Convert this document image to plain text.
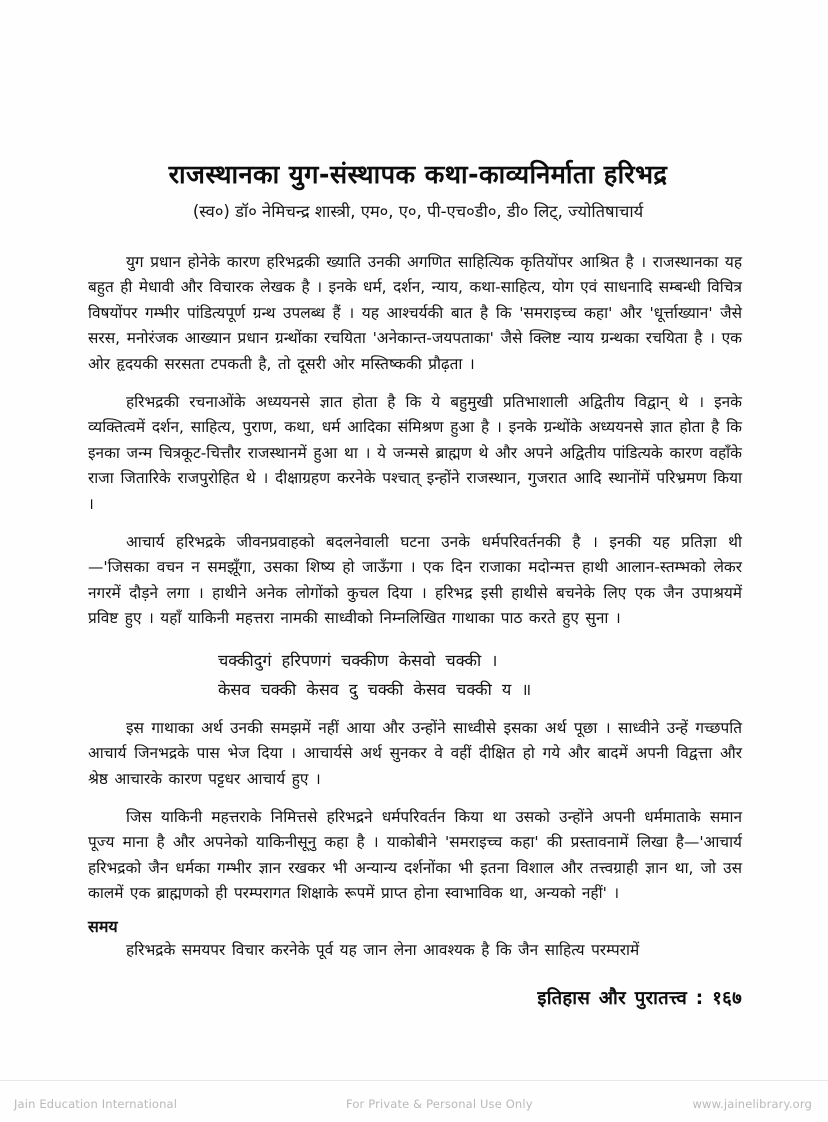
राजस्थानका युग-संस्थापक कथा-काव्यनिर्माता हरिभद्र
(स्व०) डॉ० नेमिचन्द्र शास्त्री, एम०, ए०, पी-एच०डी०, डी० लिट्, ज्योतिषाचार्य

युग प्रधान होनेके कारण हरिभद्रकी ख्याति उनकी अगणित साहित्यिक कृतियोंपर आश्रित है । राजस्थानका यह बहुत ही मेधावी और विचारक लेखक है । इनके धर्म, दर्शन, न्याय, कथा-साहित्य, योग एवं साधनादि सम्बन्धी विचित्र विषयोंपर गम्भीर पांडित्यपूर्ण ग्रन्थ उपलब्ध हैं । यह आश्चर्यकी बात है कि 'समराइच्च कहा' और 'धूर्त्ताख्यान' जैसे सरस, मनोरंजक आख्यान प्रधान ग्रन्थोंका रचयिता 'अनेकान्त-जयपताका' जैसे क्लिष्ट न्याय ग्रन्थका रचयिता है । एक ओर हृदयकी सरसता टपकती है, तो दूसरी ओर मस्तिष्ककी प्रौढ़ता ।

हरिभद्रकी रचनाओंके अध्ययनसे ज्ञात होता है कि ये बहुमुखी प्रतिभाशाली अद्वितीय विद्वान् थे । इनके व्यक्तित्वमें दर्शन, साहित्य, पुराण, कथा, धर्म आदिका संमिश्रण हुआ है । इनके ग्रन्थोंके अध्ययनसे ज्ञात होता है कि इनका जन्म चित्रकूट-चित्तौर राजस्थानमें हुआ था । ये जन्मसे ब्राह्मण थे और अपने अद्वितीय पांडित्यके कारण वहाँके राजा जितारिके राजपुरोहित थे । दीक्षाग्रहण करनेके पश्चात् इन्होंने राजस्थान, गुजरात आदि स्थानोंमें परिभ्रमण किया ।

आचार्य हरिभद्रके जीवनप्रवाहको बदलनेवाली घटना उनके धर्मपरिवर्तनकी है । इनकी यह प्रतिज्ञा थी—'जिसका वचन न समझूँगा, उसका शिष्य हो जाऊँगा । एक दिन राजाका मदोन्मत्त हाथी आलान-स्तम्भको लेकर नगरमें दौड़ने लगा । हाथीने अनेक लोगोंको कुचल दिया । हरिभद्र इसी हाथीसे बचनेके लिए एक जैन उपाश्रयमें प्रविष्ट हुए । यहाँ याकिनी महत्तरा नामकी साध्वीको निम्नलिखित गाथाका पाठ करते हुए सुना ।

चक्कीदुगं हरिपणगं चक्कीण केसवो चक्की ।
केसव चक्की केसव दु चक्की केसव चक्की य ॥

इस गाथाका अर्थ उनकी समझमें नहीं आया और उन्होंने साध्वीसे इसका अर्थ पूछा । साध्वीने उन्हें गच्छपति आचार्य जिनभद्रके पास भेज दिया । आचार्यसे अर्थ सुनकर वे वहीं दीक्षित हो गये और बादमें अपनी विद्वत्ता और श्रेष्ठ आचारके कारण पट्टधर आचार्य हुए ।

जिस याकिनी महत्तराके निमित्तसे हरिभद्रने धर्मपरिवर्तन किया था उसको उन्होंने अपनी धर्ममाताके समान पूज्य माना है और अपनेको याकिनीसूनु कहा है । याकोबीने 'समराइच्च कहा' की प्रस्तावनामें लिखा है—'आचार्य हरिभद्रको जैन धर्मका गम्भीर ज्ञान रखकर भी अन्यान्य दर्शनोंका भी इतना विशाल और तत्त्वग्राही ज्ञान था, जो उस कालमें एक ब्राह्मणको ही परम्परागत शिक्षाके रूपमें प्राप्त होना स्वाभाविक था, अन्यको नहीं' ।

समय

हरिभद्रके समयपर विचार करनेके पूर्व यह जान लेना आवश्यक है कि जैन साहित्य परम्परामें

इतिहास और पुरातत्त्व : १६७
Jain Education International	For Private & Personal Use Only	www.jainelibrary.org
